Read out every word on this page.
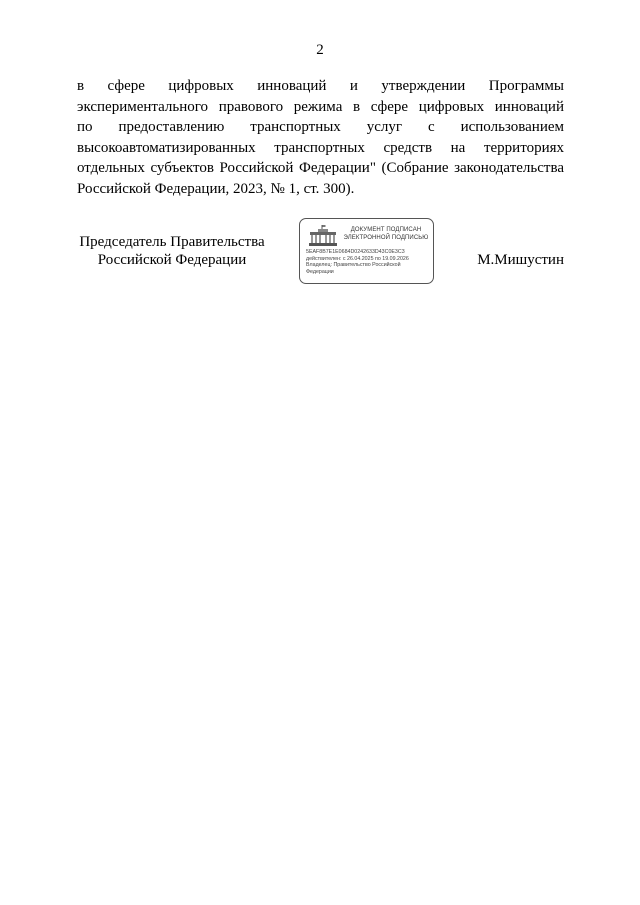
2
в сфере цифровых инноваций и утверждении Программы
экспериментального правового режима в сфере цифровых инноваций
по предоставлению транспортных услуг с использованием
высокоавтоматизированных транспортных средств на территориях
отдельных субъектов Российской Федерации" (Собрание законодательства
Российской Федерации, 2023, № 1, ст. 300).
Председатель Правительства
Российской Федерации
ДОКУМЕНТ ПОДПИСАН
ЭЛЕКТРОННОЙ ПОДПИСЬЮ
5EAF8B7E1E0684D0242633D43C0E3C3
действителен: с 26.04.2025 по 19.09.2026
Владелец: Правительство Российской
Федерации
М.Мишустин
